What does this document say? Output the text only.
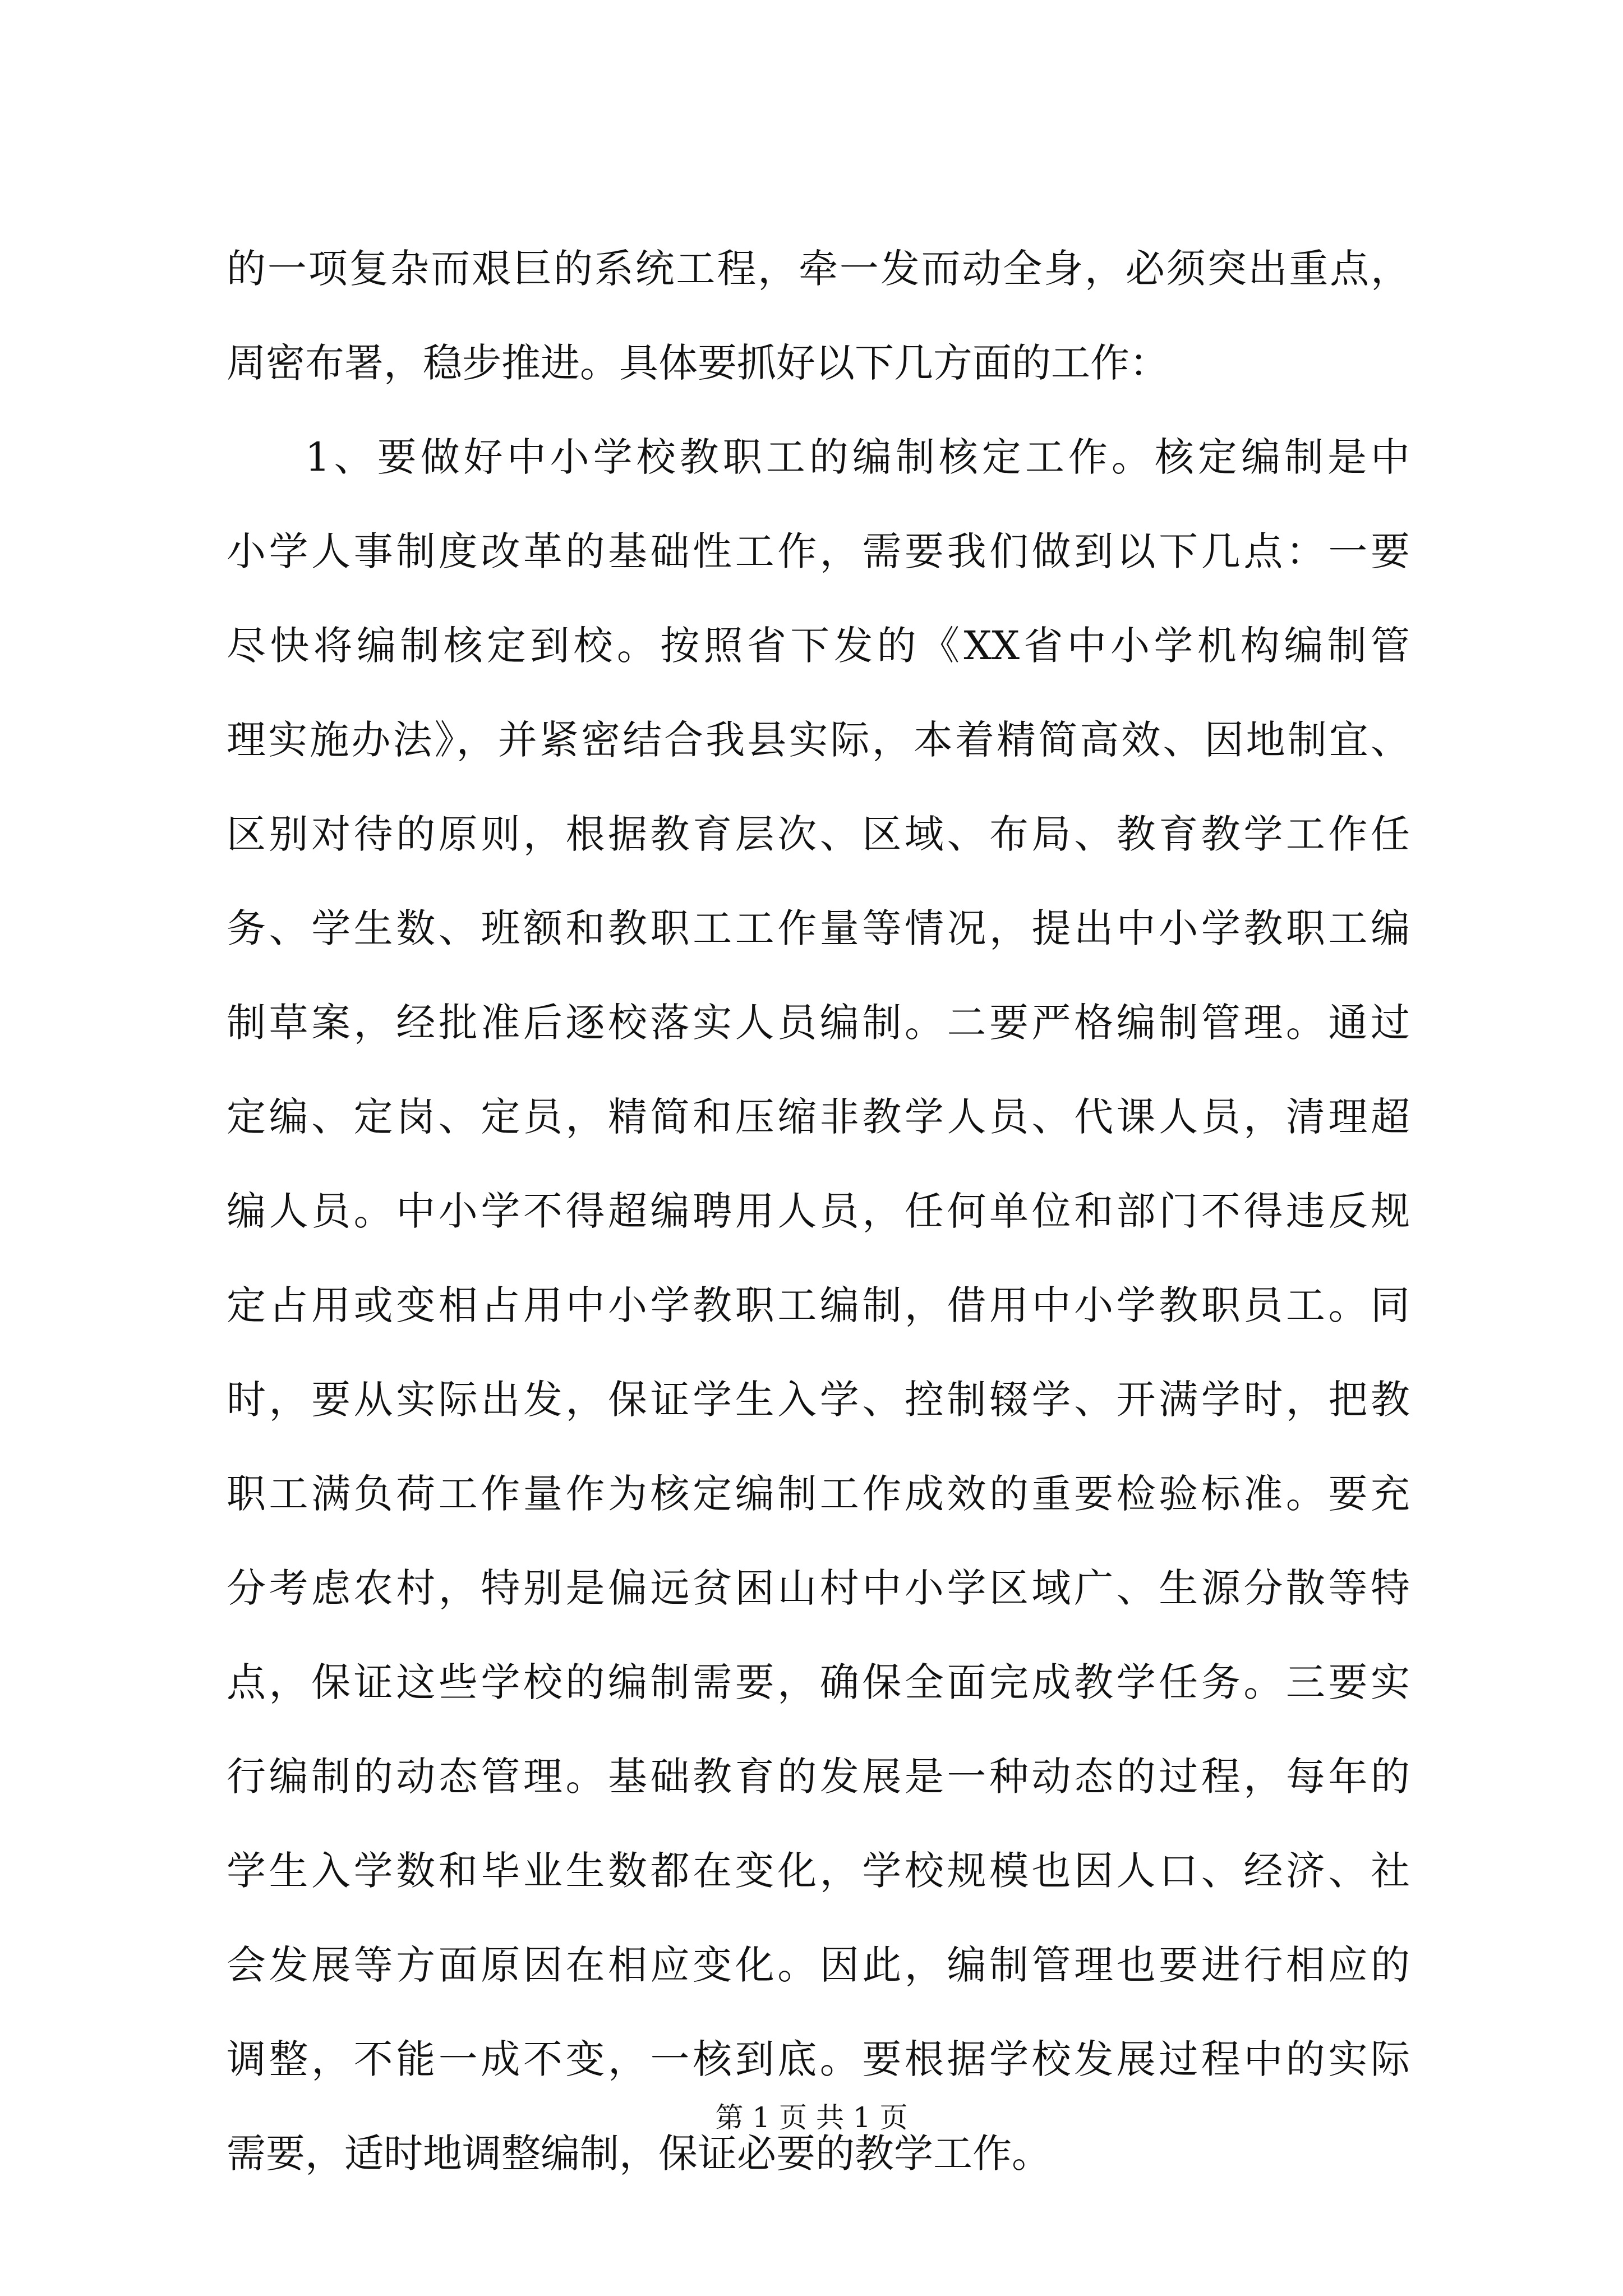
的一项复杂而艰巨的系统工程，牵一发而动全身，必须突出重点，
周密布署，稳步推进。具体要抓好以下几方面的工作：
1、要做好中小学校教职工的编制核定工作。核定编制是中
小学人事制度改革的基础性工作，需要我们做到以下几点：一要
尽快将编制核定到校。按照省下发的《XX省中小学机构编制管
理实施办法》，并紧密结合我县实际，本着精简高效、因地制宜、
区别对待的原则，根据教育层次、区域、布局、教育教学工作任
务、学生数、班额和教职工工作量等情况，提出中小学教职工编
制草案，经批准后逐校落实人员编制。二要严格编制管理。通过
定编、定岗、定员，精简和压缩非教学人员、代课人员，清理超
编人员。中小学不得超编聘用人员，任何单位和部门不得违反规
定占用或变相占用中小学教职工编制，借用中小学教职员工。同
时，要从实际出发，保证学生入学、控制辍学、开满学时，把教
职工满负荷工作量作为核定编制工作成效的重要检验标准。要充
分考虑农村，特别是偏远贫困山村中小学区域广、生源分散等特
点，保证这些学校的编制需要，确保全面完成教学任务。三要实
行编制的动态管理。基础教育的发展是一种动态的过程，每年的
学生入学数和毕业生数都在变化，学校规模也因人口、经济、社
会发展等方面原因在相应变化。因此，编制管理也要进行相应的
调整，不能一成不变，一核到底。要根据学校发展过程中的实际
需要，适时地调整编制，保证必要的教学工作。
第 1 页 共 1 页
